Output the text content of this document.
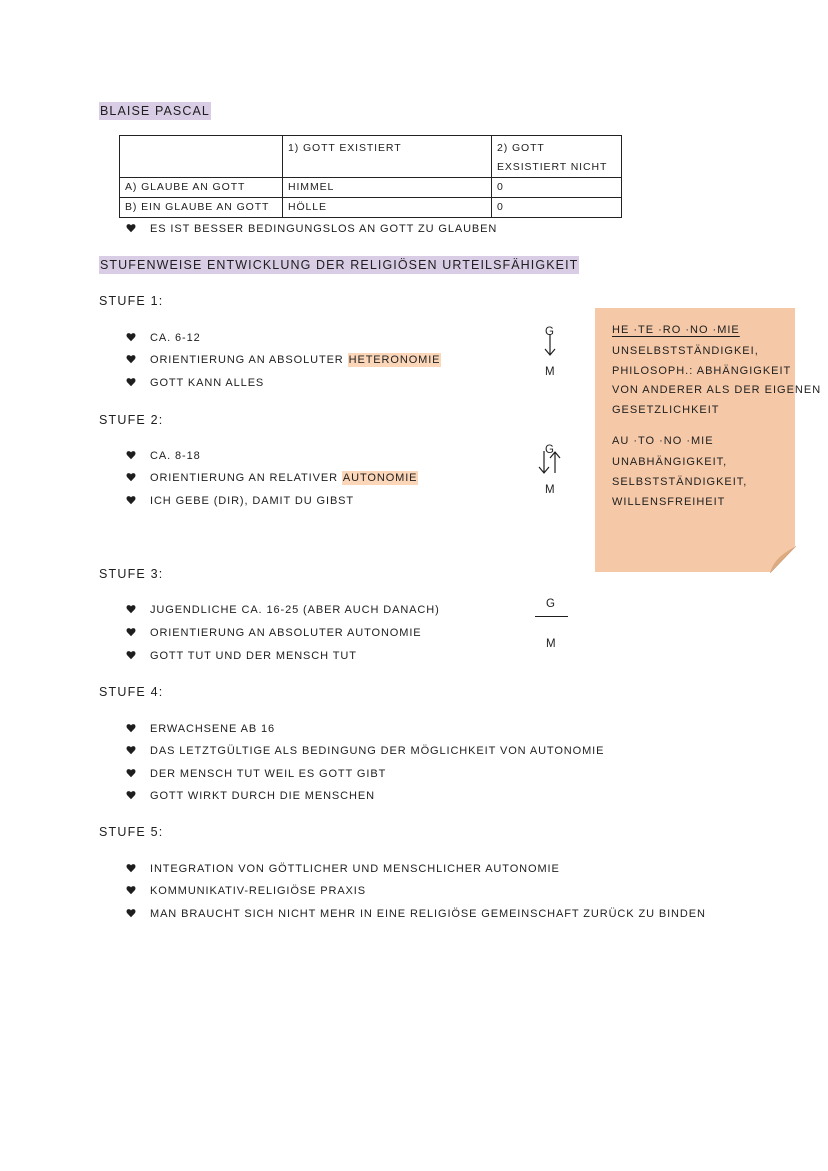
BLAISE PASCAL
	1) GOTT EXISTIERT	2) GOTT EXSISTIERT NICHT
A) GLAUBE AN GOTT	HIMMEL	0
B) EIN GLAUBE AN GOTT	HÖLLE	0
ES IST BESSER BEDINGUNGSLOS AN GOTT ZU GLAUBEN
STUFENWEISE ENTWICKLUNG DER RELIGIÖSEN URTEILSFÄHIGKEIT
STUFE 1:
CA. 6-12
ORIENTIERUNG AN ABSOLUTER HETERONOMIE
GOTT KANN ALLES
G
M
STUFE 2:
CA. 8-18
ORIENTIERUNG AN RELATIVER AUTONOMIE
ICH GEBE (DIR), DAMIT DU GIBST
G
M
STUFE 3:
JUGENDLICHE CA. 16-25 (ABER AUCH DANACH)
ORIENTIERUNG AN ABSOLUTER AUTONOMIE
GOTT TUT UND DER MENSCH TUT
G
M
STUFE 4:
ERWACHSENE AB 16
DAS LETZTGÜLTIGE ALS BEDINGUNG DER MÖGLICHKEIT VON AUTONOMIE
DER MENSCH TUT WEIL ES GOTT GIBT
GOTT WIRKT DURCH DIE MENSCHEN
STUFE 5:
INTEGRATION VON GÖTTLICHER UND MENSCHLICHER AUTONOMIE
KOMMUNIKATIV-RELIGIÖSE PRAXIS
MAN BRAUCHT SICH NICHT MEHR IN EINE RELIGIÖSE GEMEINSCHAFT ZURÜCK ZU BINDEN
HE ·TE ·RO ·NO ·MIE
UNSELBSTSTÄNDIGKEI,
PHILOSOPH.: ABHÄNGIGKEIT
VON ANDERER ALS DER EIGENEN
GESETZLICHKEIT
AU ·TO ·NO ·MIE
UNABHÄNGIGKEIT,
SELBSTSTÄNDIGKEIT,
WILLENSFREIHEIT
